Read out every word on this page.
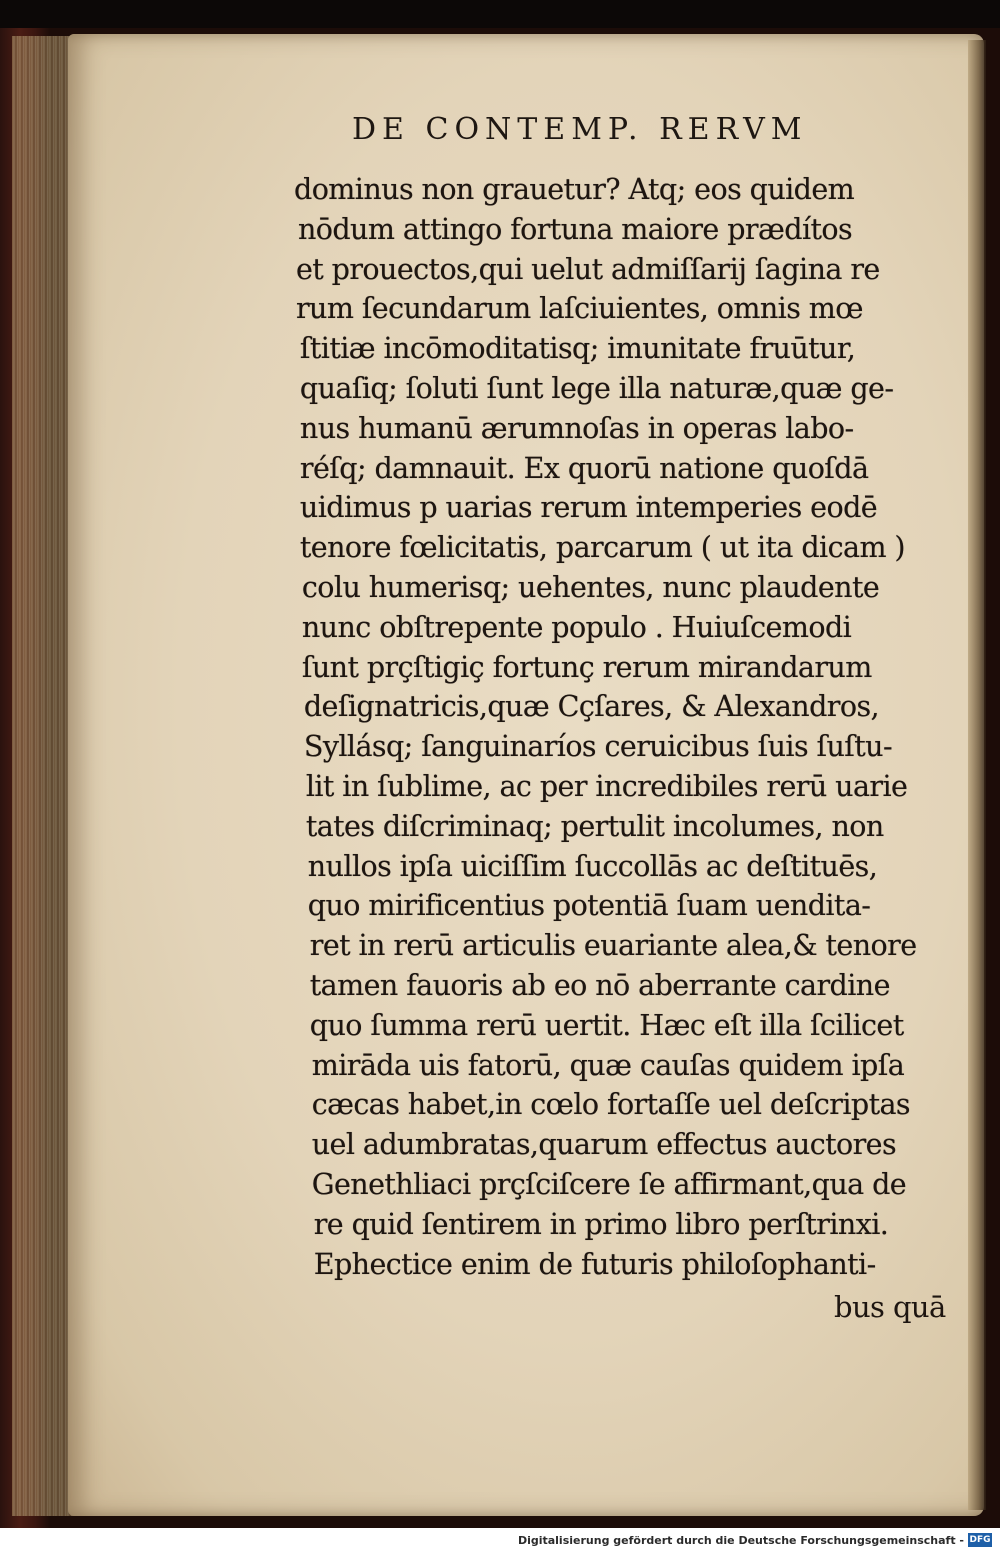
DE CONTEMP. RERVM
dominus non grauetur? Atq; eos quidem
nōdum attingo fortuna maiore prædítos
et prouectos,qui uelut admiſſarij ſagina re
rum ſecundarum laſciuientes, omnis mœ
ſtitiæ incōmoditatisq; imunitate fruūtur,
quaſiq; ſoluti ſunt lege illa naturæ,quæ ge-
nus humanū ærumnoſas in operas labo-
réſq; damnauit. Ex quorū natione quoſdā
uidimus p uarias rerum intemperies eodē
tenore fœlicitatis, parcarum ( ut ita dicam )
colu humerisq; uehentes, nunc plaudente
nunc obſtrepente populo . Huiuſcemodi
ſunt prçſtigiç fortunç rerum mirandarum
deſignatricis,quæ Cçſares, & Alexandros,
Syllásq; ſanguinaríos ceruicibus ſuis ſuſtu-
lit in ſublime, ac per incredibiles rerū uarie
tates diſcriminaq; pertulit incolumes, non
nullos ipſa uiciſſim ſuccollās ac deſtituēs,
quo mirificentius potentiā ſuam uendita-
ret in rerū articulis euariante alea,& tenore
tamen fauoris ab eo nō aberrante cardine
quo ſumma rerū uertit. Hæc eſt illa ſcilicet
mirāda uis fatorū, quæ cauſas quidem ipſa
cæcas habet,in cœlo fortaſſe uel deſcriptas
uel adumbratas,quarum effectus auctores
Genethliaci prçſciſcere ſe affirmant,qua de
re quid ſentirem in primo libro perſtrinxi.
Ephectice enim de futuris philoſophanti-
bus quā
Digitalisierung gefördert durch die Deutsche Forschungsgemeinschaft - DFG
